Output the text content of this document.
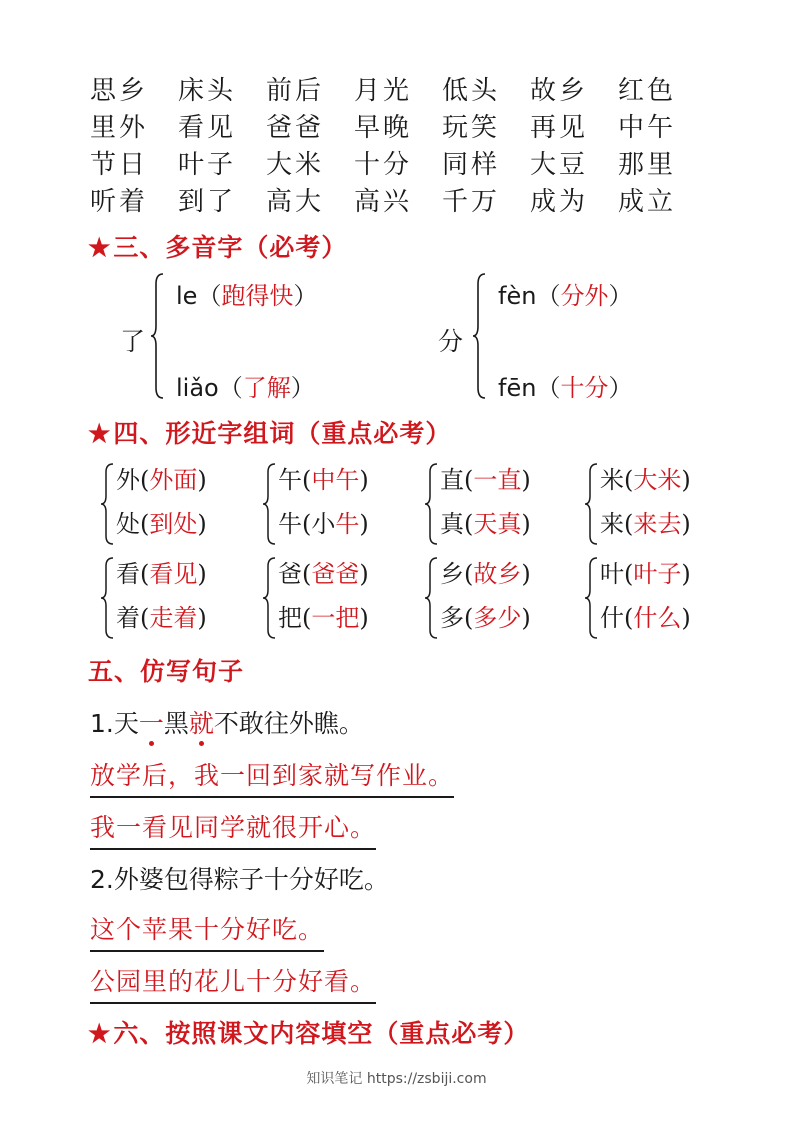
思乡 床头 前后 月光 低头 故乡 红色
里外 看见 爸爸 早晚 玩笑 再见 中午
节日 叶子 大米 十分 同样 大豆 那里
听着 到了 高大 高兴 千万 成为 成立
★三、多音字（必考）
了
le（跑得快）
liǎo（了解）
分
fèn（分外）
fēn（十分）
★四、形近字组词（重点必考）
外(外面)
处(到处)
午(中午)
牛(小牛)
直(一直)
真(天真)
米(大米)
来(来去)
看(看见)
着(走着)
爸(爸爸)
把(一把)
乡(故乡)
多(多少)
叶(叶子)
什(什么)
五、仿写句子
1.天一黑就不敢往外瞧。
放学后，我一回到家就写作业。
我一看见同学就很开心。
2.外婆包得粽子十分好吃。
这个苹果十分好吃。
公园里的花儿十分好看。
★六、按照课文内容填空（重点必考）
知识笔记 https://zsbiji.com
